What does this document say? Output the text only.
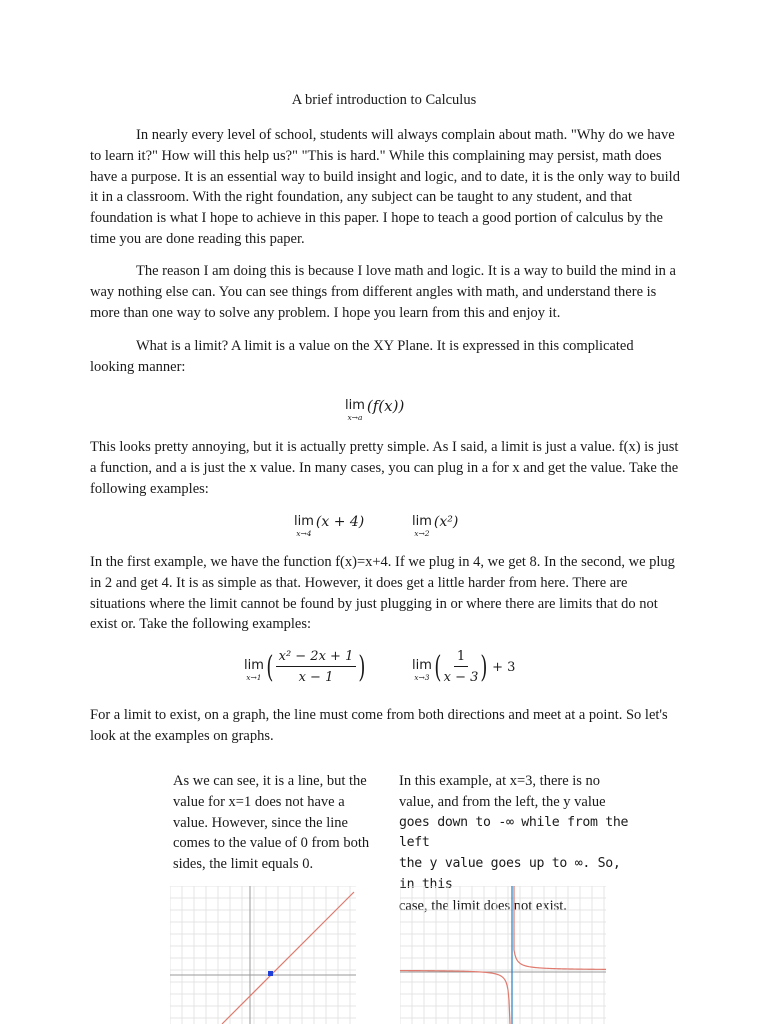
A brief introduction to Calculus

In nearly every level of school, students will always complain about math. "Why do we have to learn it?" How will this help us?" "This is hard." While this complaining may persist, math does have a purpose. It is an essential way to build insight and logic, and to date, it is the only way to build it in a classroom. With the right foundation, any subject can be taught to any student, and that foundation is what I hope to achieve in this paper. I hope to teach a good portion of calculus by the time you are done reading this paper.

The reason I am doing this is because I love math and logic. It is a way to build the mind in a way nothing else can. You can see things from different angles with math, and understand there is more than one way to solve any problem. I hope you learn from this and enjoy it.

What is a limit? A limit is a value on the XY Plane. It is expressed in this complicated looking manner:

lim
x→a
(f(x))

This looks pretty annoying, but it is actually pretty simple. As I said, a limit is just a value. f(x) is just a function, and a is just the x value. In many cases, you can plug in a for x and get the value. Take the following examples:

lim
x→4
(x + 4)	lim
x→2
(x²)

In the first example, we have the function f(x)=x+4. If we plug in 4, we get 8. In the second, we plug in 2 and get 4. It is as simple as that. However, it does get a little harder from here. There are situations where the limit cannot be found by just plugging in or where there are limits that do not exist or. Take the following examples:

lim
x→1 ( $\frac{\text{x² − 2x + 1}}{x - 1}$ )	lim
x→3 ( $\frac{1}{x - 3}$ ) + 3

For a limit to exist, on a graph, the line must come from both directions and meet at a point. So let's look at the examples on graphs.

As we can see, it is a line, but the value for x=1 does not have a value. However, since the line comes to the value of 0 from both sides, the limit equals 0.

In this example, at x=3, there is no
value, and from the left, the y value
goes down to -∞ while from the left
the y value goes up to ∞. So, in this
case, the limit does not exist.
